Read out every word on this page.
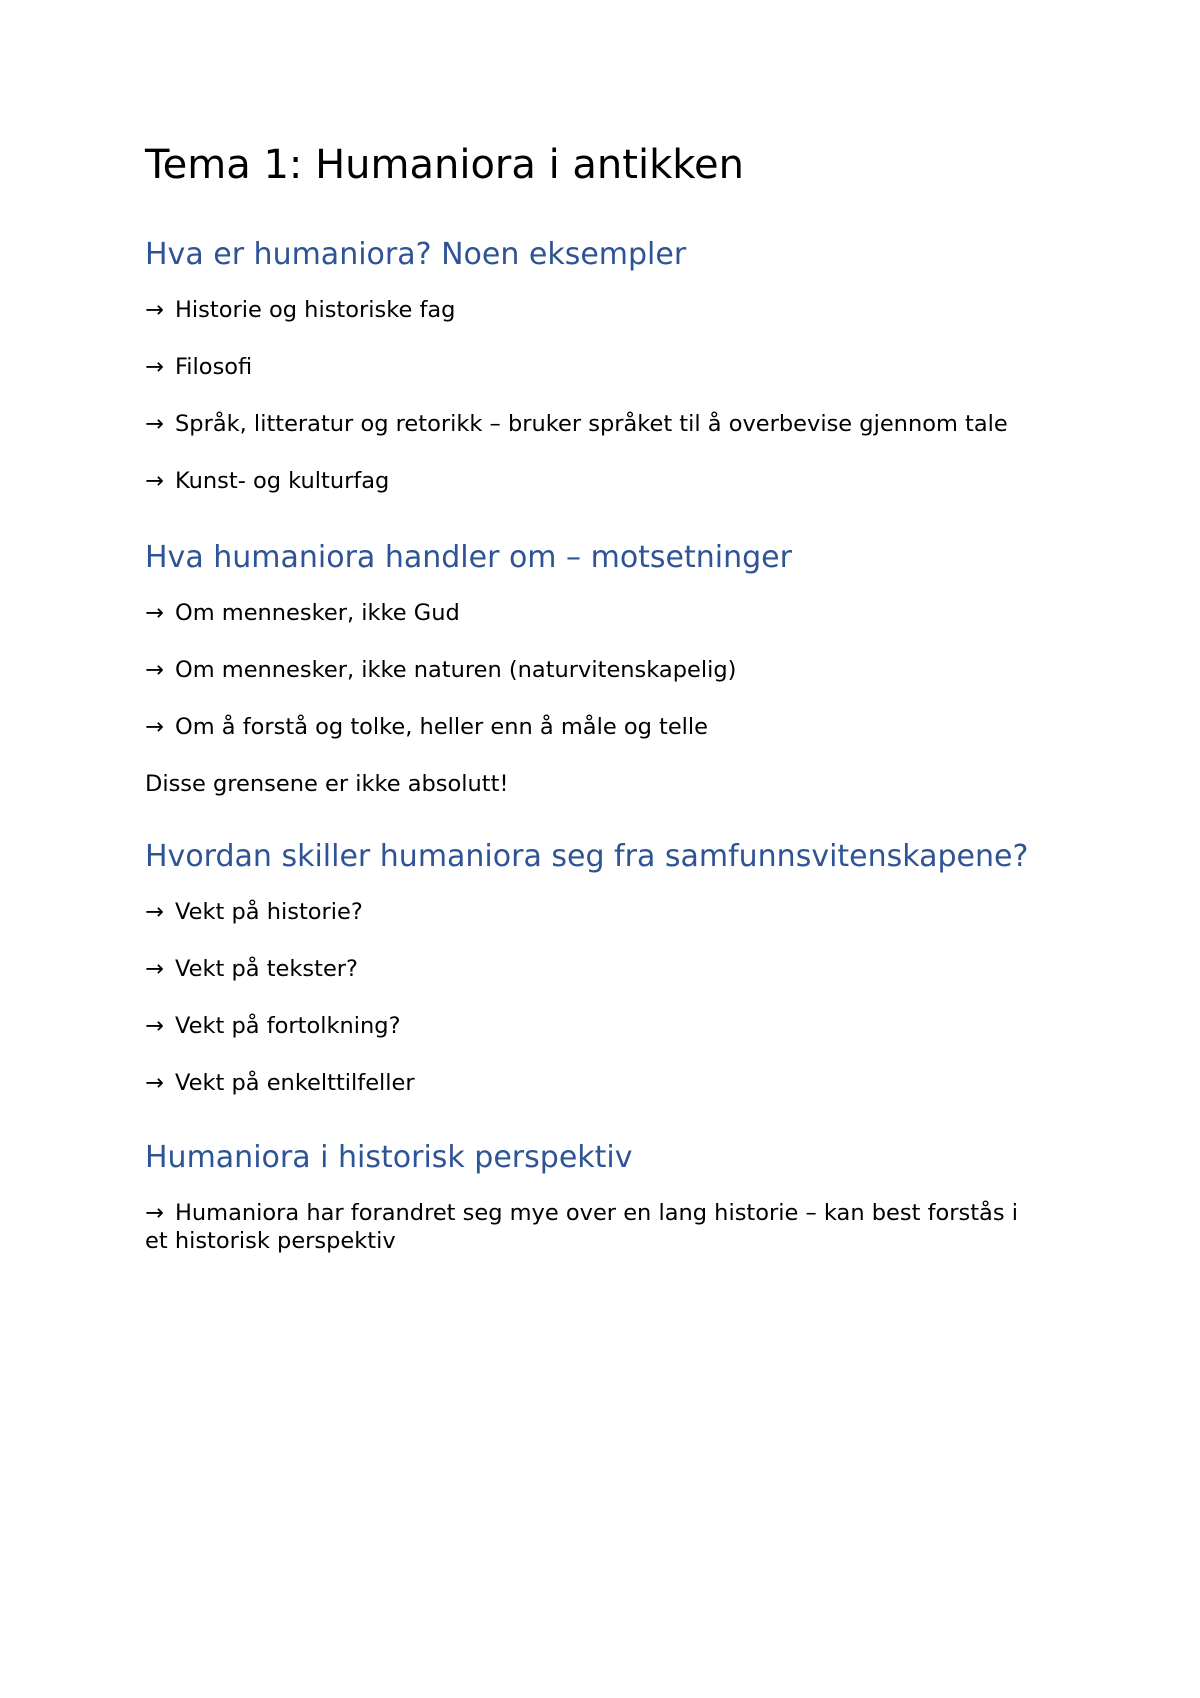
Tema 1: Humaniora i antikken
Hva er humaniora? Noen eksempler
→ Historie og historiske fag
→ Filosofi
→ Språk, litteratur og retorikk – bruker språket til å overbevise gjennom tale
→ Kunst- og kulturfag
Hva humaniora handler om – motsetninger
→ Om mennesker, ikke Gud
→ Om mennesker, ikke naturen (naturvitenskapelig)
→ Om å forstå og tolke, heller enn å måle og telle

Disse grensene er ikke absolutt!

Hvordan skiller humaniora seg fra samfunnsvitenskapene?
→ Vekt på historie?
→ Vekt på tekster?
→ Vekt på fortolkning?
→ Vekt på enkelttilfeller
Humaniora i historisk perspektiv
→ Humaniora har forandret seg mye over en lang historie – kan best forstås i et historisk perspektiv
